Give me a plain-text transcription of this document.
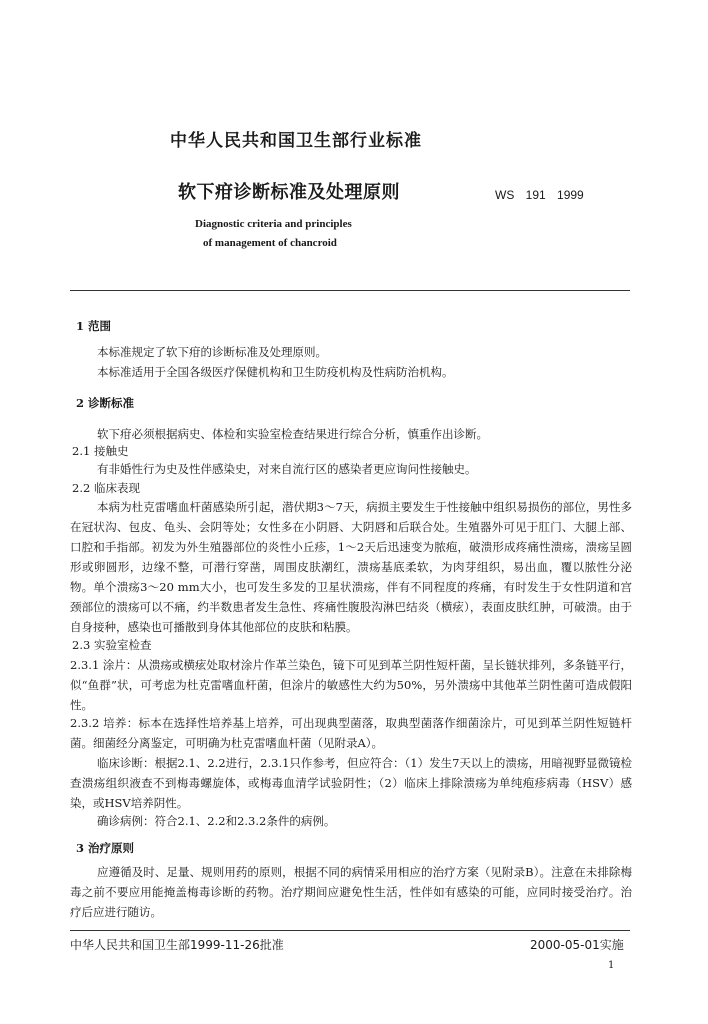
中华人民共和国卫生部行业标准
软下疳诊断标准及处理原则	WS 191 1999
Diagnostic criteria and principles
of management of chancroid
1 范围
本标准规定了软下疳的诊断标准及处理原则。
本标准适用于全国各级医疗保健机构和卫生防疫机构及性病防治机构。
2 诊断标准
软下疳必须根据病史、体检和实验室检查结果进行综合分析，慎重作出诊断。
2.1 接触史
有非婚性行为史及性伴感染史，对来自流行区的感染者更应询问性接触史。
2.2 临床表现
本病为杜克雷嗜血杆菌感染所引起，潜伏期3～7天，病损主要发生于性接触中组织易损伤的部位，男性多在冠状沟、包皮、龟头、会阴等处；女性多在小阴唇、大阴唇和后联合处。生殖器外可见于肛门、大腿上部、口腔和手指部。初发为外生殖器部位的炎性小丘疹，1～2天后迅速变为脓疱，破溃形成疼痛性溃疡，溃疡呈圆形或卵圆形，边缘不整，可潜行穿凿，周围皮肤潮红，溃疡基底柔软，为肉芽组织，易出血，覆以脓性分泌物。单个溃疡3～20 mm大小，也可发生多发的卫星状溃疡，伴有不同程度的疼痛，有时发生于女性阴道和宫颈部位的溃疡可以不痛，约半数患者发生急性、疼痛性腹股沟淋巴结炎（横痃），表面皮肤红肿，可破溃。由于自身接种，感染也可播散到身体其他部位的皮肤和粘膜。
2.3 实验室检查
2.3.1 涂片：从溃疡或横痃处取材涂片作革兰染色，镜下可见到革兰阴性短杆菌，呈长链状排列，多条链平行，似“鱼群”状，可考虑为杜克雷嗜血杆菌，但涂片的敏感性大约为50%，另外溃疡中其他革兰阴性菌可造成假阳性。
2.3.2 培养：标本在选择性培养基上培养，可出现典型菌落，取典型菌落作细菌涂片，可见到革兰阴性短链杆菌。细菌经分离鉴定，可明确为杜克雷嗜血杆菌（见附录A）。
临床诊断：根据2.1、2.2进行，2.3.1只作参考，但应符合：（1）发生7天以上的溃疡，用暗视野显微镜检查溃疡组织液查不到梅毒螺旋体，或梅毒血清学试验阴性；（2）临床上排除溃疡为单纯疱疹病毒（HSV）感染，或HSV培养阴性。
确诊病例：符合2.1、2.2和2.3.2条件的病例。
3 治疗原则
应遵循及时、足量、规则用药的原则，根据不同的病情采用相应的治疗方案（见附录B）。注意在未排除梅毒之前不要应用能掩盖梅毒诊断的药物。治疗期间应避免性生活，性伴如有感染的可能，应同时接受治疗。治疗后应进行随访。
中华人民共和国卫生部1999-11-26批准	2000-05-01实施
1
